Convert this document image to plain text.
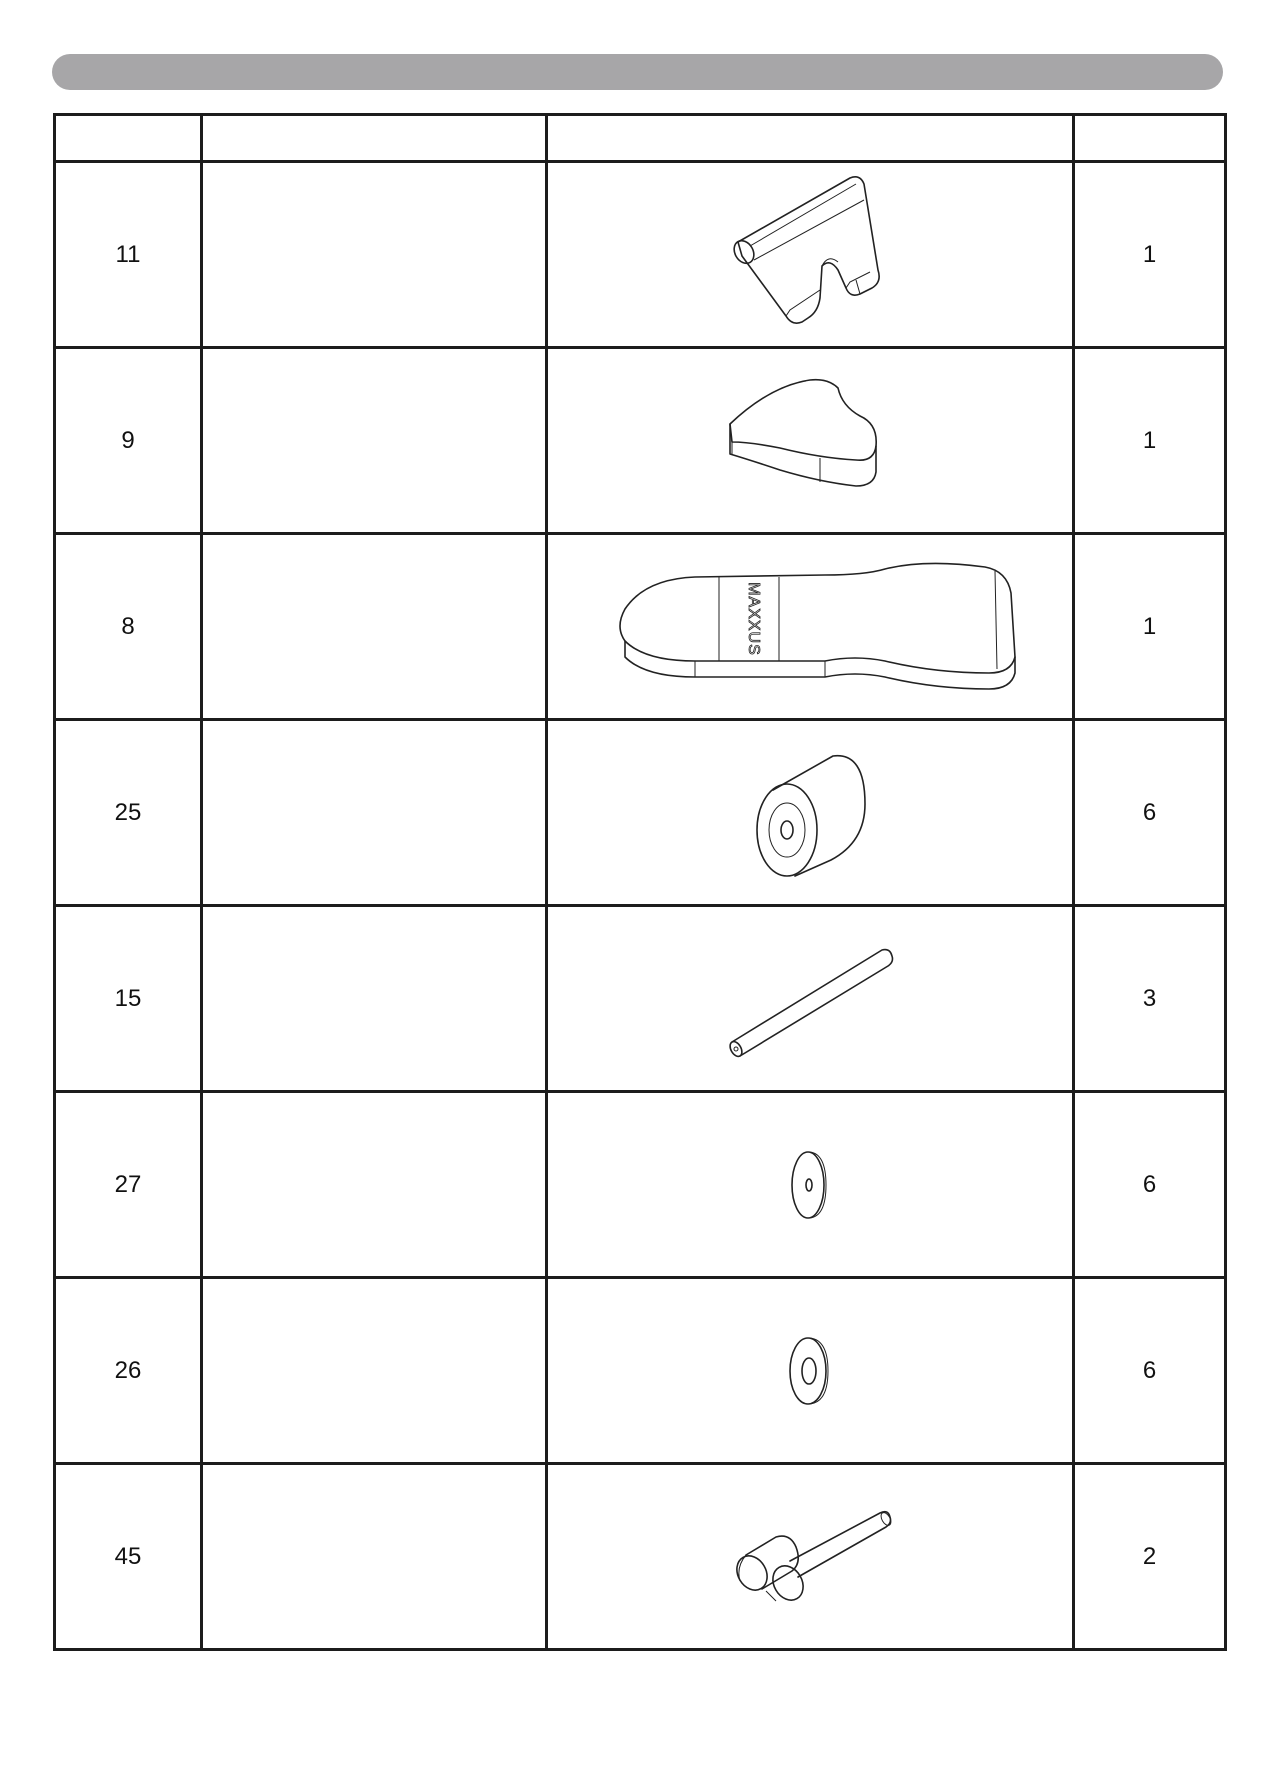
11			1
9			1
8		MAXXUS	1
25			6
15			3
27			6
26			6
45			2
